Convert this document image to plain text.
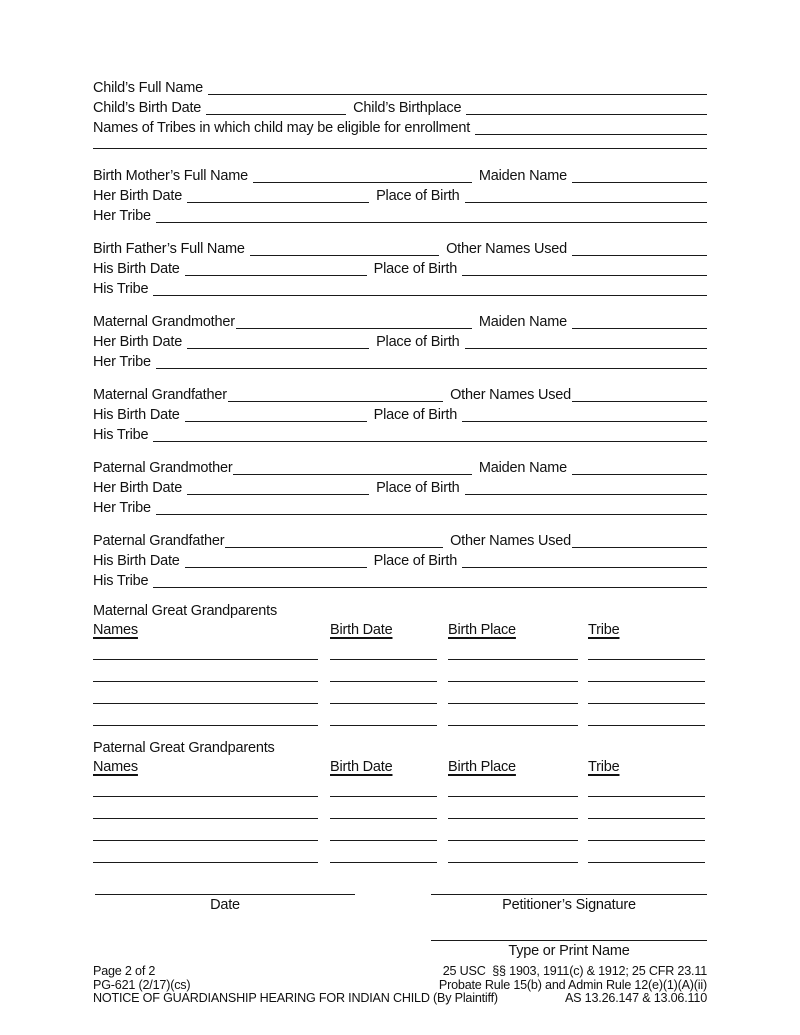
Child’s Full Name
Child’s Birth Date	Child’s Birthplace
Names of Tribes in which child may be eligible for enrollment
Birth Mother’s Full Name	Maiden Name
Her Birth Date	Place of Birth
Her Tribe
Birth Father’s Full Name	Other Names Used
His Birth Date	Place of Birth
His Tribe
Maternal Grandmother	Maiden Name
Her Birth Date	Place of Birth
Her Tribe
Maternal Grandfather	Other Names Used
His Birth Date	Place of Birth
His Tribe
Paternal Grandmother	Maiden Name
Her Birth Date	Place of Birth
Her Tribe
Paternal Grandfather	Other Names Used
His Birth Date	Place of Birth
His Tribe
Maternal Great Grandparents
Names	Birth Date	Birth Place	Tribe
Paternal Great Grandparents
Names	Birth Date	Birth Place	Tribe
Date	Petitioner’s Signature
Type or Print Name
Page 2 of 2	25 USC  §§ 1903, 1911(c) & 1912; 25 CFR 23.11
PG-621 (2/17)(cs)	Probate Rule 15(b) and Admin Rule 12(e)(1)(A)(ii)
NOTICE OF GUARDIANSHIP HEARING FOR INDIAN CHILD (By Plaintiff)	AS 13.26.147 & 13.06.110
